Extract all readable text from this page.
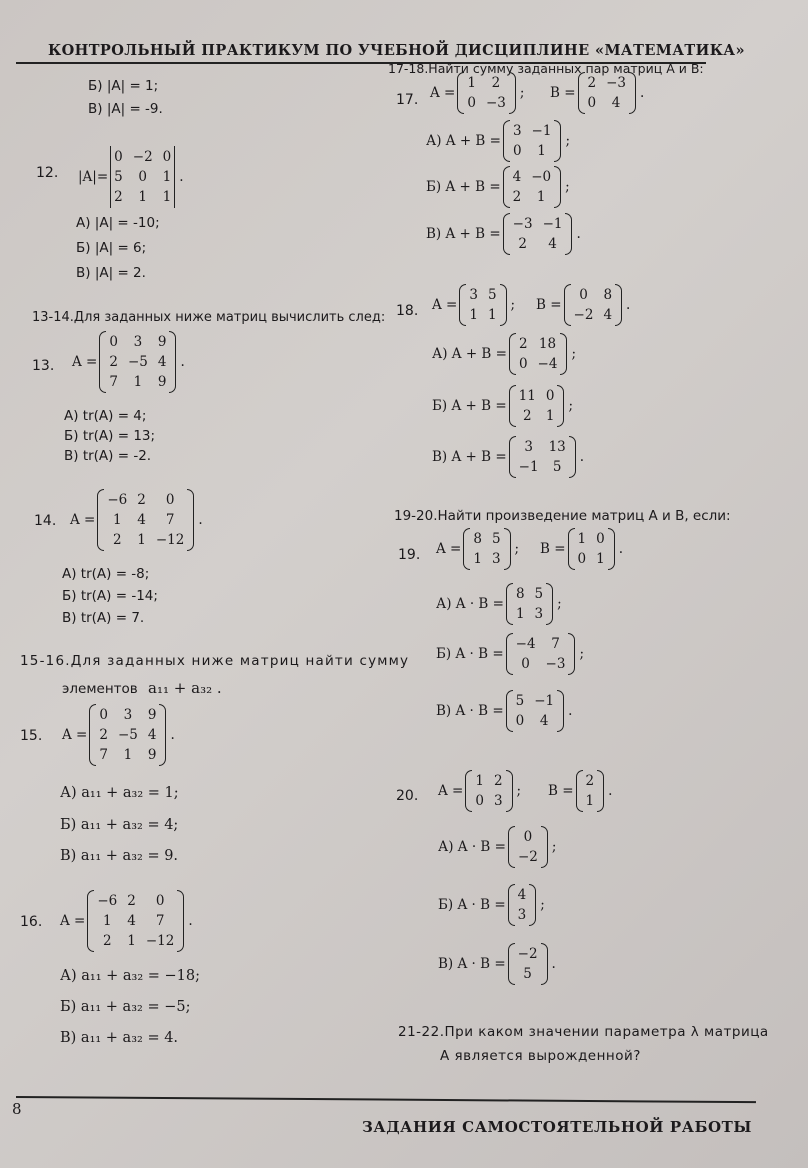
КОНТРОЛЬНЫЙ ПРАКТИКУМ ПО УЧЕБНОЙ ДИСЦИПЛИНЕ «МАТЕМАТИКА»
Б) |A| = 1;
В) |A| = -9.
12. |A|=
0 −2 0
5	0	1
2	1	1
.
А) |A| = -10;
Б) |A| = 6;
В) |A| = 2.
13-14.Для заданных ниже матриц вычислить след:
13. A =
0	3	9
2 −5 4
7	1	9
.
А) tr(A) = 4;
Б) tr(A) = 13;
В) tr(A) = -2.
14. A =
−6 2	0
1	4	7
2	1 −12
.
А) tr(A) = -8;
Б) tr(A) = -14;
В) tr(A) = 7.
15-16.Для заданных ниже матриц найти сумму
элементов a₁₁ + a₃₂ .
15. A =
0	3	9
2 −5 4
7	1	9
.
А) a₁₁ + a₃₂ = 1;
Б) a₁₁ + a₃₂ = 4;
В) a₁₁ + a₃₂ = 9.
16. A =
−6 2	0
1	4	7
2	1 −12
.
А) a₁₁ + a₃₂ = −18;
Б) a₁₁ + a₃₂ = −5;
В) a₁₁ + a₃₂ = 4.
17-18.Найти сумму заданных пар матриц A и B:
17. A =
1	2
0 −3
; B =
2 −3
0	4
.
А) A + B =
3 −1
0	1
;
Б) A + B =
4 −0
2	1
;
В) A + B =
−3 −1
2	4
.
18. A =
3 5
1 1
; B =
0	8
−2 4
.
А) A + B =
2 18
0 −4
;
Б) A + B =
11 0
2	1
;
В) A + B =
3	13
−1	5
.
19-20.Найти произведение матриц A и B, если:
19. A =
8 5
1 3
; B =
1 0
0 1
.
А) A · B =
8 5
1 3
;
Б) A · B =
−4	7
0	−3
;
В) A · B =
5 −1
0	4
.
20. A =
1 2
0 3
; B =
2
1
.
А) A · B =
0
−2
;
Б) A · B =
4
3
;
В) A · B =
−2
5
.
21-22.При каком значении параметра λ матрица
A является вырожденной?
8
ЗАДАНИЯ САМОСТОЯТЕЛЬНОЙ РАБОТЫ
